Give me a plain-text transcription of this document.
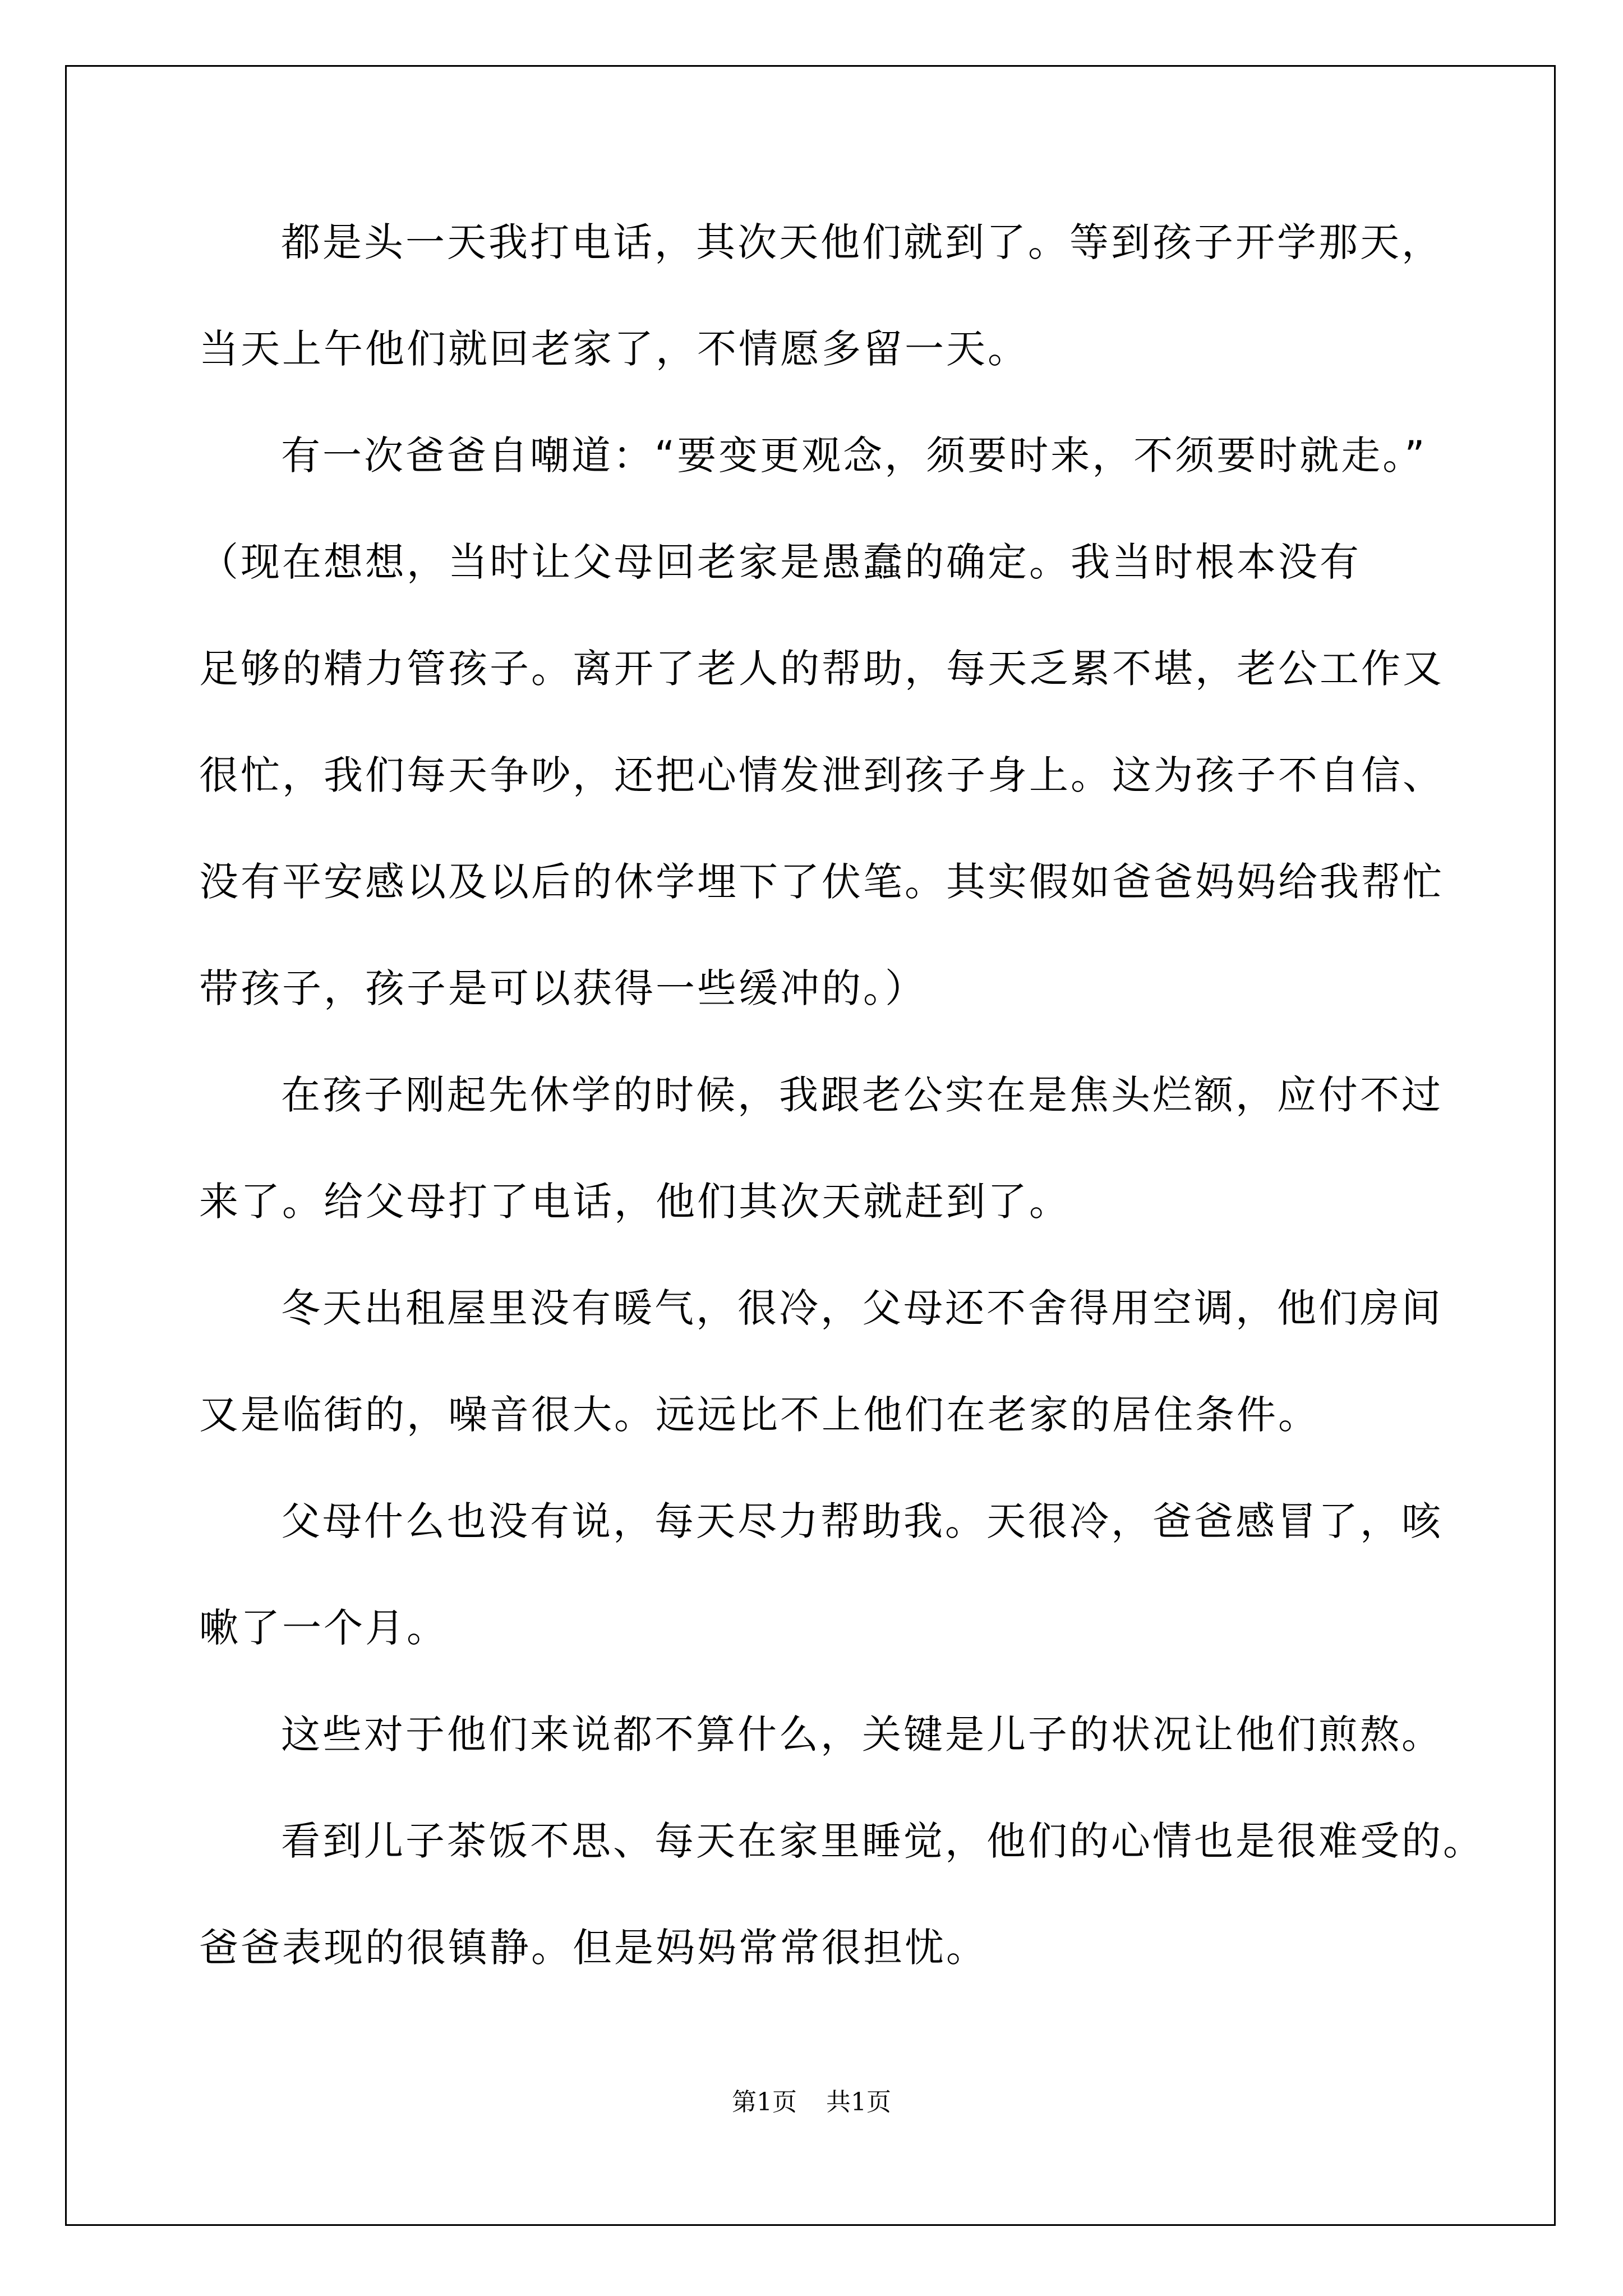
都是头一天我打电话，其次天他们就到了。等到孩子开学那天，
当天上午他们就回老家了，不情愿多留一天。
有一次爸爸自嘲道：“要变更观念，须要时来，不须要时就走。”
（现在想想，当时让父母回老家是愚蠢的确定。我当时根本没有
足够的精力管孩子。离开了老人的帮助，每天乏累不堪，老公工作又
很忙，我们每天争吵，还把心情发泄到孩子身上。这为孩子不自信、
没有平安感以及以后的休学埋下了伏笔。其实假如爸爸妈妈给我帮忙
带孩子，孩子是可以获得一些缓冲的。）
在孩子刚起先休学的时候，我跟老公实在是焦头烂额，应付不过
来了。给父母打了电话，他们其次天就赶到了。
冬天出租屋里没有暖气，很冷，父母还不舍得用空调，他们房间
又是临街的，噪音很大。远远比不上他们在老家的居住条件。
父母什么也没有说，每天尽力帮助我。天很冷，爸爸感冒了，咳
嗽了一个月。
这些对于他们来说都不算什么，关键是儿子的状况让他们煎熬。
看到儿子茶饭不思、每天在家里睡觉，他们的心情也是很难受的。
爸爸表现的很镇静。但是妈妈常常很担忧。
第1页 共1页
